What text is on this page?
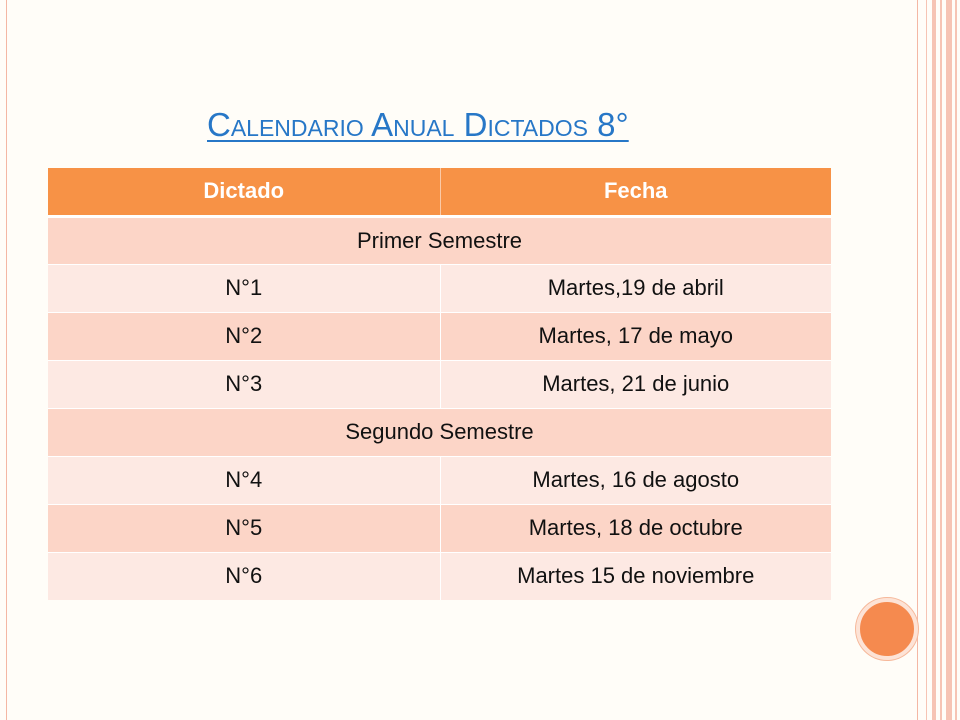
Calendario Anual Dictados 8°
Dictado	Fecha
Primer Semestre	
N°1	Martes,19 de abril
N°2	Martes, 17 de mayo
N°3	Martes, 21 de junio
Segundo Semestre	
N°4	Martes, 16 de agosto
N°5	Martes, 18 de octubre
N°6	Martes 15 de noviembre
